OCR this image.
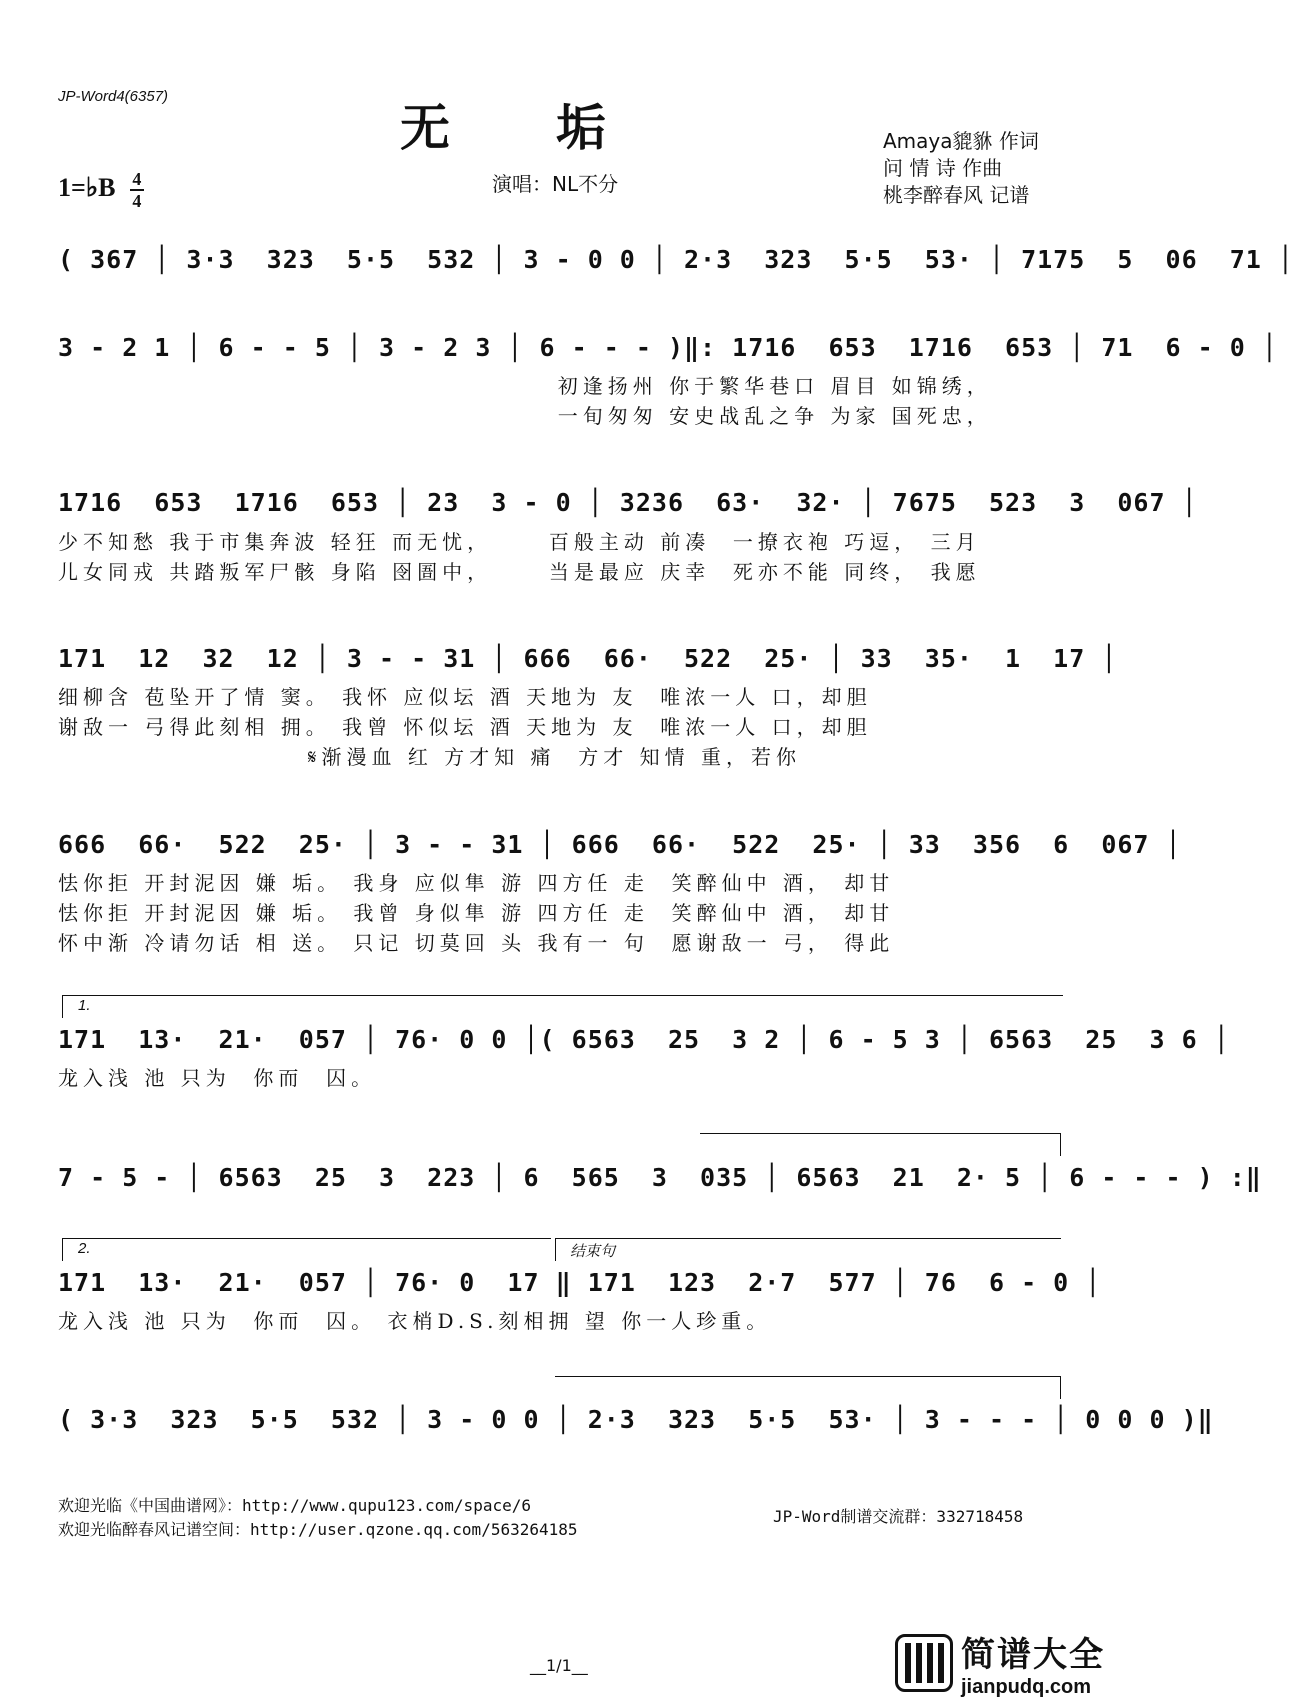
JP-Word4(6357)
无　　垢	Amaya貔貅 作词
问 情 诗 作曲
桃李醉春风 记谱
1=♭B $\frac{4}{4}$	演唱：NL不分
( 367 │ 3·3  323  5·5  532 │ 3 - 0 0 │ 2·3  323  5·5  53· │ 7175  5  06  71 │
3 - 2 1 │ 6 - - 5 │ 3 - 2 3 │ 6 - - - )‖: 1716  653  1716  653 │ 71  6 - 0 │
初逢扬州 你于繁华巷口 眉目 如锦绣，
一旬匆匆 安史战乱之争 为家 国死忠，
1716  653  1716  653 │ 23  3 - 0 │ 3236  63·  32· │ 7675  523  3  067 │
少不知愁 我于市集奔波 轻狂 而无忧，     百般主动 前凑  一撩衣袍 巧逗， 三月
儿女同戎 共踏叛军尸骸 身陷 囹圄中，     当是最应 庆幸  死亦不能 同终， 我愿
171  12  32  12 │ 3 - - 31 │ 666  66·  522  25· │ 33  35·  1  17 │
细柳含 苞坠开了情 窦。 我怀 应似坛 酒 天地为 友  唯浓一人 口，却胆
谢敌一 弓得此刻相 拥。 我曾 怀似坛 酒 天地为 友  唯浓一人 口，却胆
𝄋渐漫血 红 方才知 痛  方才 知情 重，若你
666  66·  522  25· │ 3 - - 31 │ 666  66·  522  25· │ 33  356  6  067 │
怯你拒 开封泥因 嫌 垢。 我身 应似隼 游 四方任 走  笑醉仙中 酒， 却甘
怯你拒 开封泥因 嫌 垢。 我曾 身似隼 游 四方任 走  笑醉仙中 酒， 却甘
怀中渐 冷请勿话 相 送。 只记 切莫回 头 我有一 句  愿谢敌一 弓， 得此
1.
171  13·  21·  057 │ 76· 0 0 │( 6563  25  3 2 │ 6 - 5 3 │ 6563  25  3 6 │
龙入浅 池 只为  你而  囚。
7 - 5 - │ 6563  25  3  223 │ 6  565  3  035 │ 6563  21  2· 5 │ 6 - - - ) :‖
2.	结束句
171  13·  21·  057 │ 76· 0  17 ‖ 171  123  2·7  577 │ 76  6 - 0 │
龙入浅 池 只为  你而  囚。 衣梢D.S.刻相拥 望 你一人珍重。
( 3·3  323  5·5  532 │ 3 - 0 0 │ 2·3  323  5·5  53· │ 3 - - - │ 0 0 0 )‖
欢迎光临《中国曲谱网》：http://www.qupu123.com/space/6
欢迎光临醉春风记谱空间：http://user.qzone.qq.com/563264185
JP-Word制谱交流群：332718458
__1/1__	简谱大全
jianpudq.com
